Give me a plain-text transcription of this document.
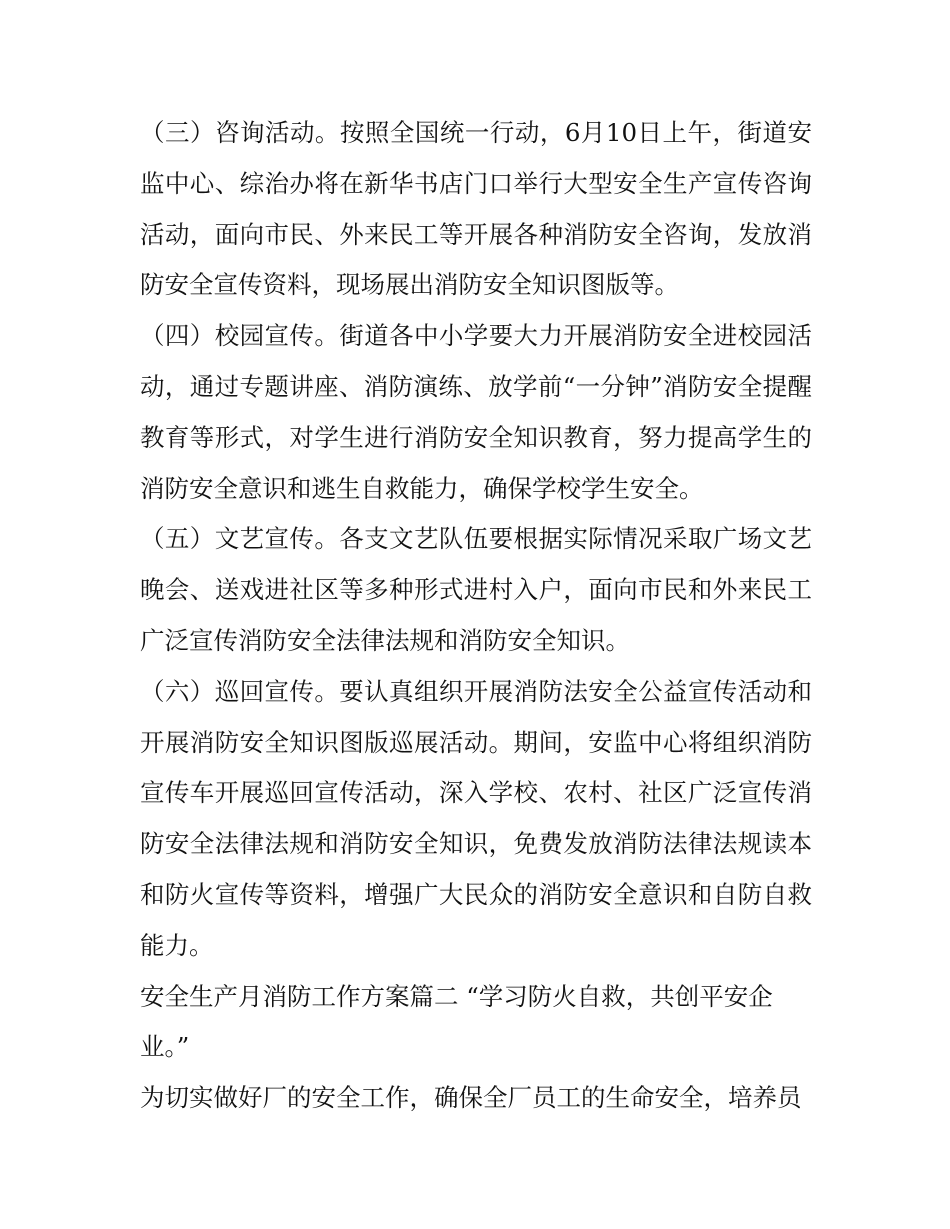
（三）咨询活动。按照全国统一行动，6月10日上午，街道安监中心、综治办将在新华书店门口举行大型安全生产宣传咨询活动，面向市民、外来民工等开展各种消防安全咨询，发放消防安全宣传资料，现场展出消防安全知识图版等。

（四）校园宣传。街道各中小学要大力开展消防安全进校园活动，通过专题讲座、消防演练、放学前“一分钟”消防安全提醒教育等形式，对学生进行消防安全知识教育，努力提高学生的消防安全意识和逃生自救能力，确保学校学生安全。

（五）文艺宣传。各支文艺队伍要根据实际情况采取广场文艺晚会、送戏进社区等多种形式进村入户，面向市民和外来民工广泛宣传消防安全法律法规和消防安全知识。

（六）巡回宣传。要认真组织开展消防法安全公益宣传活动和开展消防安全知识图版巡展活动。期间，安监中心将组织消防宣传车开展巡回宣传活动，深入学校、农村、社区广泛宣传消防安全法律法规和消防安全知识，免费发放消防法律法规读本和防火宣传等资料，增强广大民众的消防安全意识和自防自救能力。

安全生产月消防工作方案篇二 “学习防火自救，共创平安企业。”

为切实做好厂的安全工作，确保全厂员工的生命安全，培养员
